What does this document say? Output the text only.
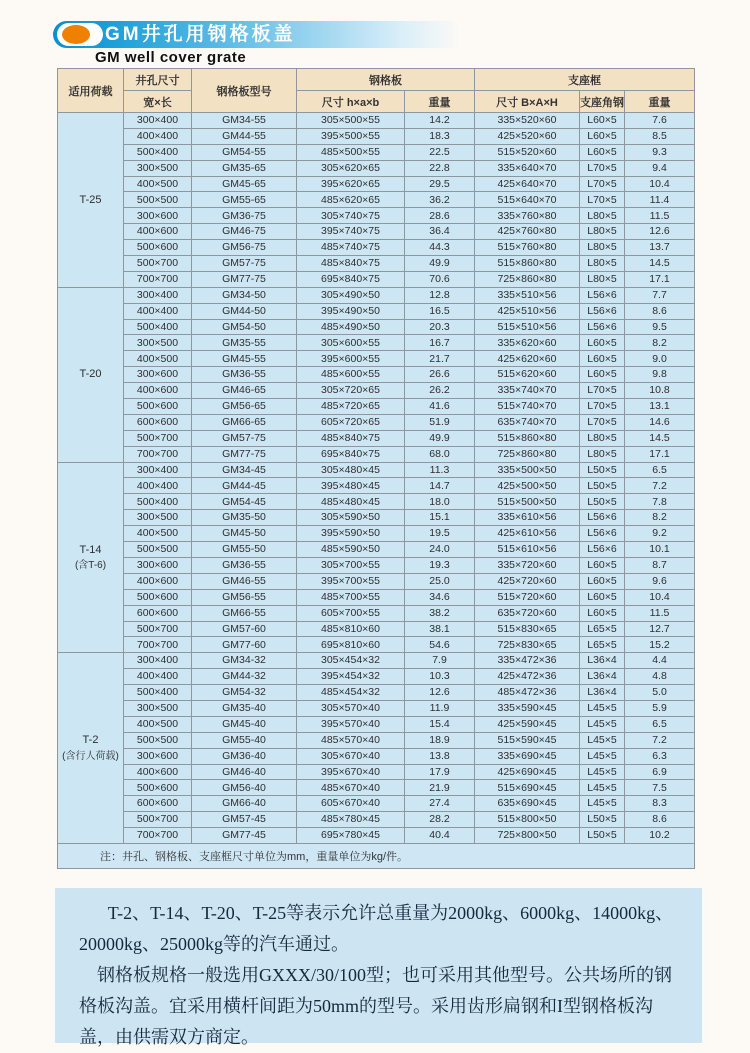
GM井孔用钢格板盖
GM well cover grate
适用荷载	井孔尺寸	钢格板型号	钢格板		支座框		
	宽×长		尺寸 h×a×b	重量	尺寸 B×A×H	支座角钢	重量

T-25	300×400	GM34-55	305×500×55	14.2	335×520×60	L60×5	7.6
	400×400	GM44-55	395×500×55	18.3	425×520×60	L60×5	8.5
	500×400	GM54-55	485×500×55	22.5	515×520×60	L60×5	9.3
	300×500	GM35-65	305×620×65	22.8	335×640×70	L70×5	9.4
	400×500	GM45-65	395×620×65	29.5	425×640×70	L70×5	10.4
	500×500	GM55-65	485×620×65	36.2	515×640×70	L70×5	11.4
	300×600	GM36-75	305×740×75	28.6	335×760×80	L80×5	11.5
	400×600	GM46-75	395×740×75	36.4	425×760×80	L80×5	12.6
	500×600	GM56-75	485×740×75	44.3	515×760×80	L80×5	13.7
	500×700	GM57-75	485×840×75	49.9	515×860×80	L80×5	14.5
	700×700	GM77-75	695×840×75	70.6	725×860×80	L80×5	17.1

T-20	300×400	GM34-50	305×490×50	12.8	335×510×56	L56×6	7.7
	400×400	GM44-50	395×490×50	16.5	425×510×56	L56×6	8.6
	500×400	GM54-50	485×490×50	20.3	515×510×56	L56×6	9.5
	300×500	GM35-55	305×600×55	16.7	335×620×60	L60×5	8.2
	400×500	GM45-55	395×600×55	21.7	425×620×60	L60×5	9.0
	300×600	GM36-55	485×600×55	26.6	515×620×60	L60×5	9.8
	400×600	GM46-65	305×720×65	26.2	335×740×70	L70×5	10.8
	500×600	GM56-65	485×720×65	41.6	515×740×70	L70×5	13.1
	600×600	GM66-65	605×720×65	51.9	635×740×70	L70×5	14.6
	500×700	GM57-75	485×840×75	49.9	515×860×80	L80×5	14.5
	700×700	GM77-75	695×840×75	68.0	725×860×80	L80×5	17.1

T-14
(含T-6)	300×400	GM34-45	305×480×45	11.3	335×500×50	L50×5	6.5
	400×400	GM44-45	395×480×45	14.7	425×500×50	L50×5	7.2
	500×400	GM54-45	485×480×45	18.0	515×500×50	L50×5	7.8
	300×500	GM35-50	305×590×50	15.1	335×610×56	L56×6	8.2
	400×500	GM45-50	395×590×50	19.5	425×610×56	L56×6	9.2
	500×500	GM55-50	485×590×50	24.0	515×610×56	L56×6	10.1
	300×600	GM36-55	305×700×55	19.3	335×720×60	L60×5	8.7
	400×600	GM46-55	395×700×55	25.0	425×720×60	L60×5	9.6
	500×600	GM56-55	485×700×55	34.6	515×720×60	L60×5	10.4
	600×600	GM66-55	605×700×55	38.2	635×720×60	L60×5	11.5
	500×700	GM57-60	485×810×60	38.1	515×830×65	L65×5	12.7
	700×700	GM77-60	695×810×60	54.6	725×830×65	L65×5	15.2

T-2
(含行人荷载)	300×400	GM34-32	305×454×32	7.9	335×472×36	L36×4	4.4
	400×400	GM44-32	395×454×32	10.3	425×472×36	L36×4	4.8
	500×400	GM54-32	485×454×32	12.6	485×472×36	L36×4	5.0
	300×500	GM35-40	305×570×40	11.9	335×590×45	L45×5	5.9
	400×500	GM45-40	395×570×40	15.4	425×590×45	L45×5	6.5
	500×500	GM55-40	485×570×40	18.9	515×590×45	L45×5	7.2
	300×600	GM36-40	305×670×40	13.8	335×690×45	L45×5	6.3
	400×600	GM46-40	395×670×40	17.9	425×690×45	L45×5	6.9
	500×600	GM56-40	485×670×40	21.9	515×690×45	L45×5	7.5
	600×600	GM66-40	605×670×40	27.4	635×690×45	L45×5	8.3
	500×700	GM57-45	485×780×45	28.2	515×800×50	L50×5	8.6
	700×700	GM77-45	695×780×45	40.4	725×800×50	L50×5	10.2
注：井孔、钢格板、支座框尺寸单位为mm，重量单位为kg/件。							

T-2、T-14、T-20、T-25等表示允许总重量为2000kg、6000kg、14000kg、20000kg、25000kg等的汽车通过。

钢格板规格一般选用GXXX/30/100型；也可采用其他型号。公共场所的钢格板沟盖。宜采用横杆间距为50mm的型号。采用齿形扁钢和I型钢格板沟盖，由供需双方商定。
